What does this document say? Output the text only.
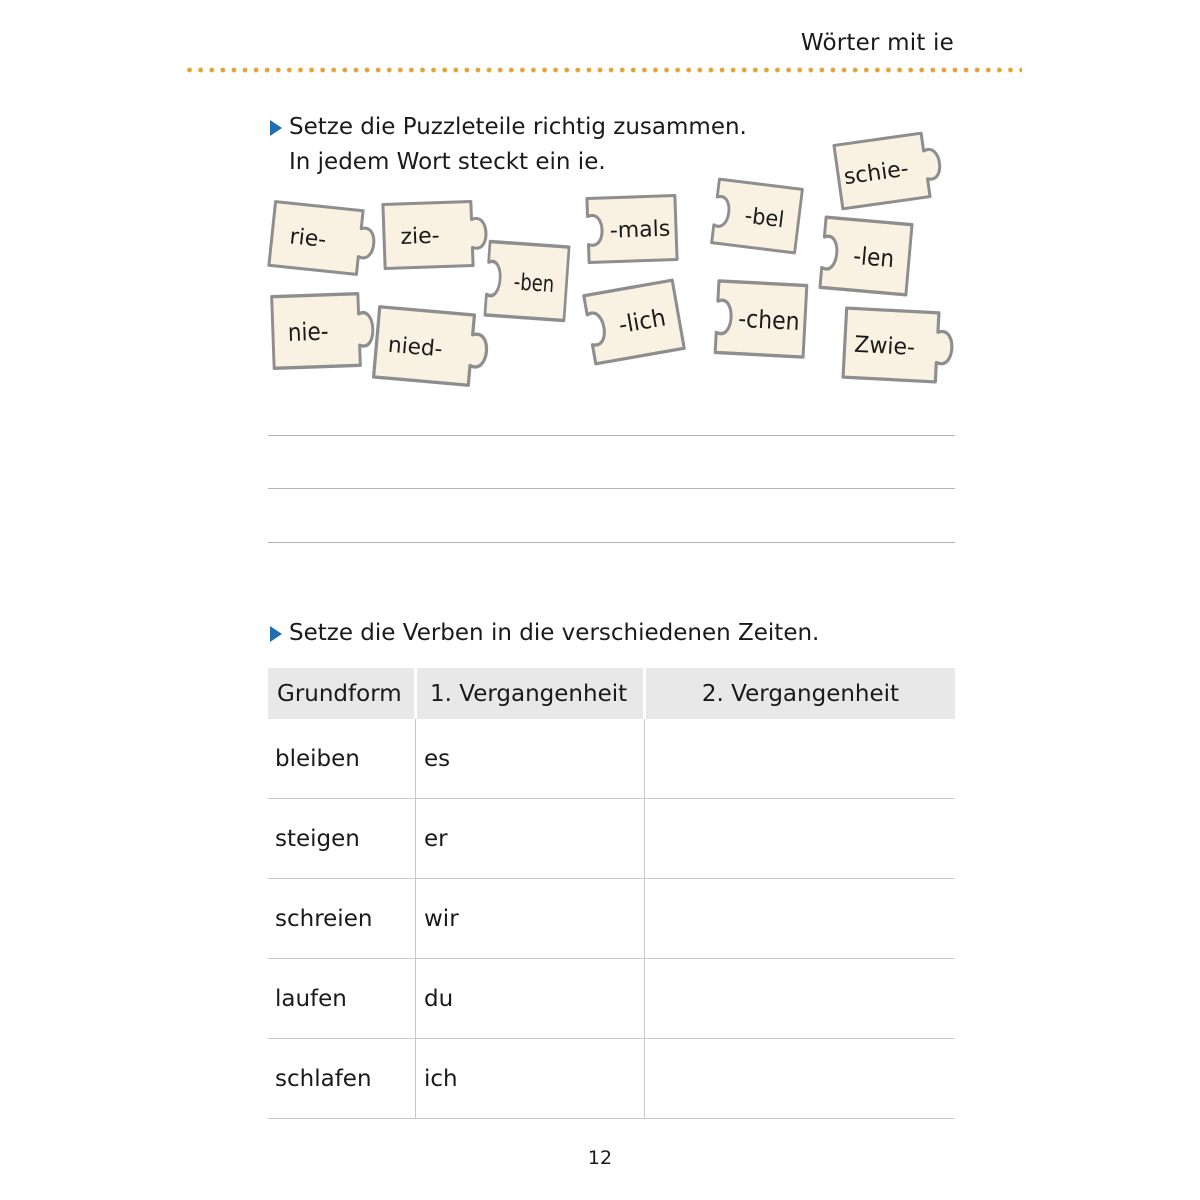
Wörter mit ie
Setze die Puzzleteile richtig zusammen.
In jedem Wort steckt ein ie.
rie-	zie-
-ben
-mals	-bel
schie-
-len
nie-	nied-
-lich	-chen
Zwie-
Setze die Verben in die verschiedenen Zeiten.
Grundform	1. Vergangenheit	2. Vergangenheit
bleiben	es	
steigen	er	
schreien	wir	
laufen	du	
schlafen	ich	
12
